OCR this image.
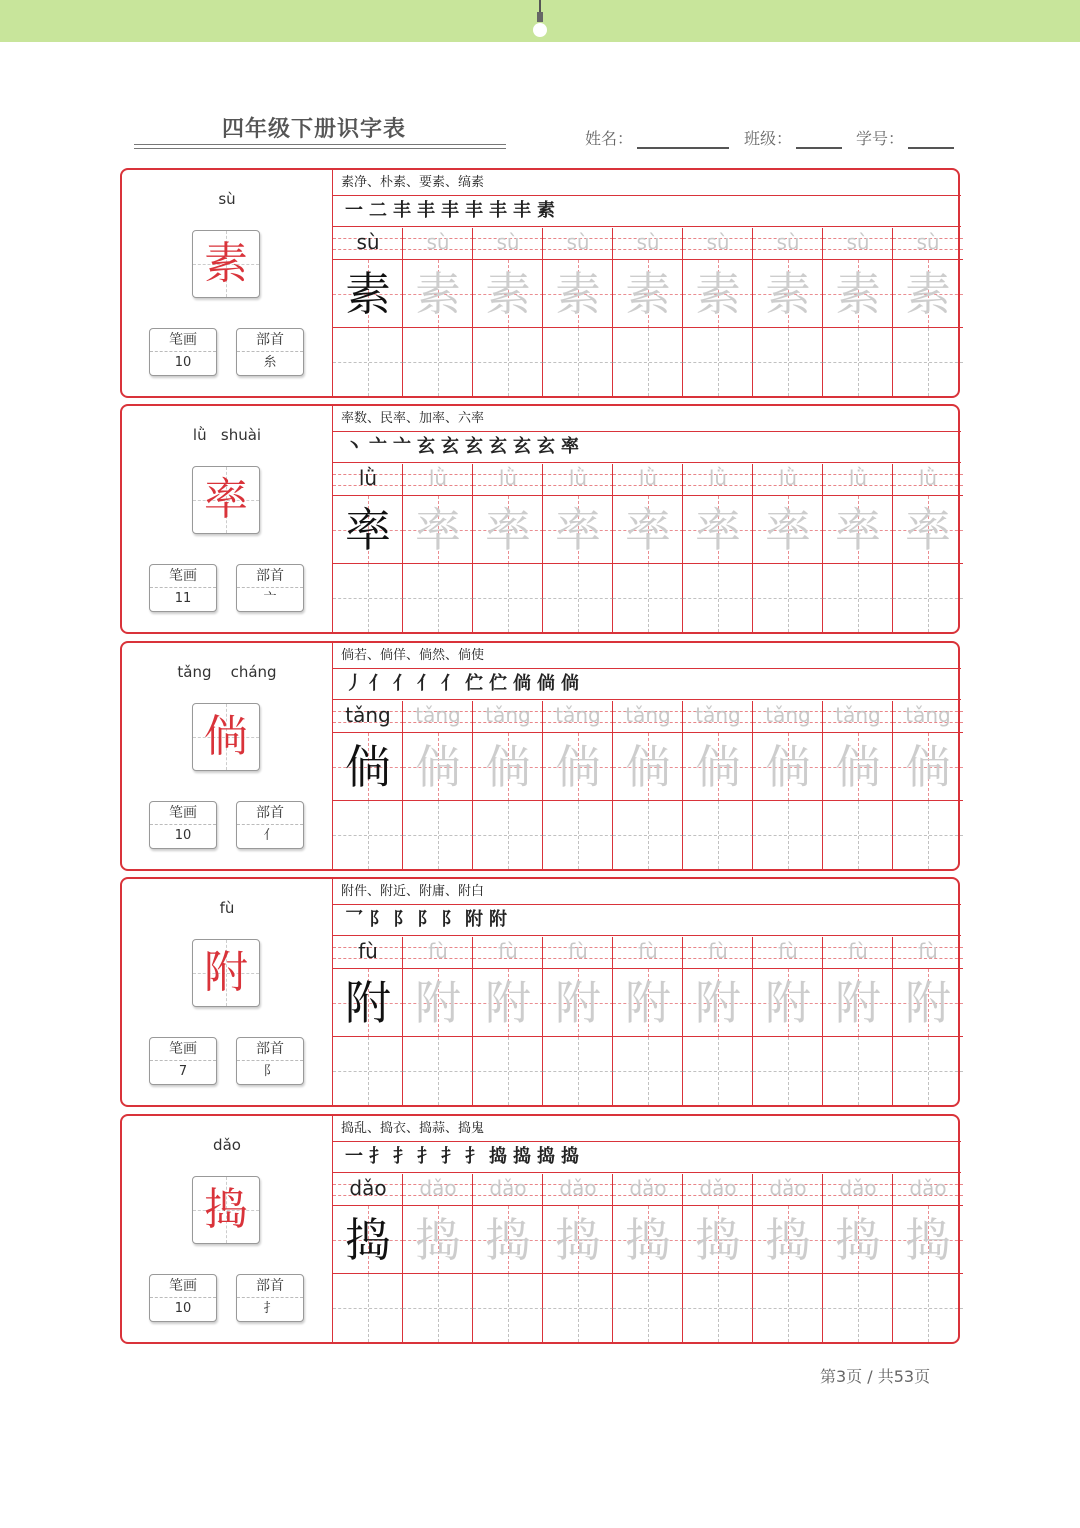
四年级下册识字表	姓名：	班级：	学号：
sù
素
笔画
10
部首
糸
素净、朴素、要素、缟素
一 二 丰 丰 丰 丰 丰 丰 素
sù
素
sù
素
sù
素
sù
素
sù
素
sù
素
sù
素
sù
素
sù
素
lǜ   shuài
率
笔画
11
部首
亠
率数、民率、加率、六率
丶 亠 亠 玄 玄 玄 玄 玄 玄 率
lǜ
率
lǜ
率
lǜ
率
lǜ
率
lǜ
率
lǜ
率
lǜ
率
lǜ
率
lǜ
率
tǎng    cháng
倘
笔画
10
部首
亻
倘若、倘佯、倘然、倘使
丿 亻 亻 亻 亻 伫 伫 倘 倘 倘
tǎng
倘
tǎng
倘
tǎng
倘
tǎng
倘
tǎng
倘
tǎng
倘
tǎng
倘
tǎng
倘
tǎng
倘
fù
附
笔画
7
部首
阝
附件、附近、附庸、附白
乛 阝 阝 阝 阝 附 附
fù
附
fù
附
fù
附
fù
附
fù
附
fù
附
fù
附
fù
附
fù
附
dǎo
捣
笔画
10
部首
扌
捣乱、捣衣、捣蒜、捣鬼
一 扌 扌 扌 扌 扌 捣 捣 捣 捣
dǎo
捣
dǎo
捣
dǎo
捣
dǎo
捣
dǎo
捣
dǎo
捣
dǎo
捣
dǎo
捣
dǎo
捣
第3页 / 共53页
